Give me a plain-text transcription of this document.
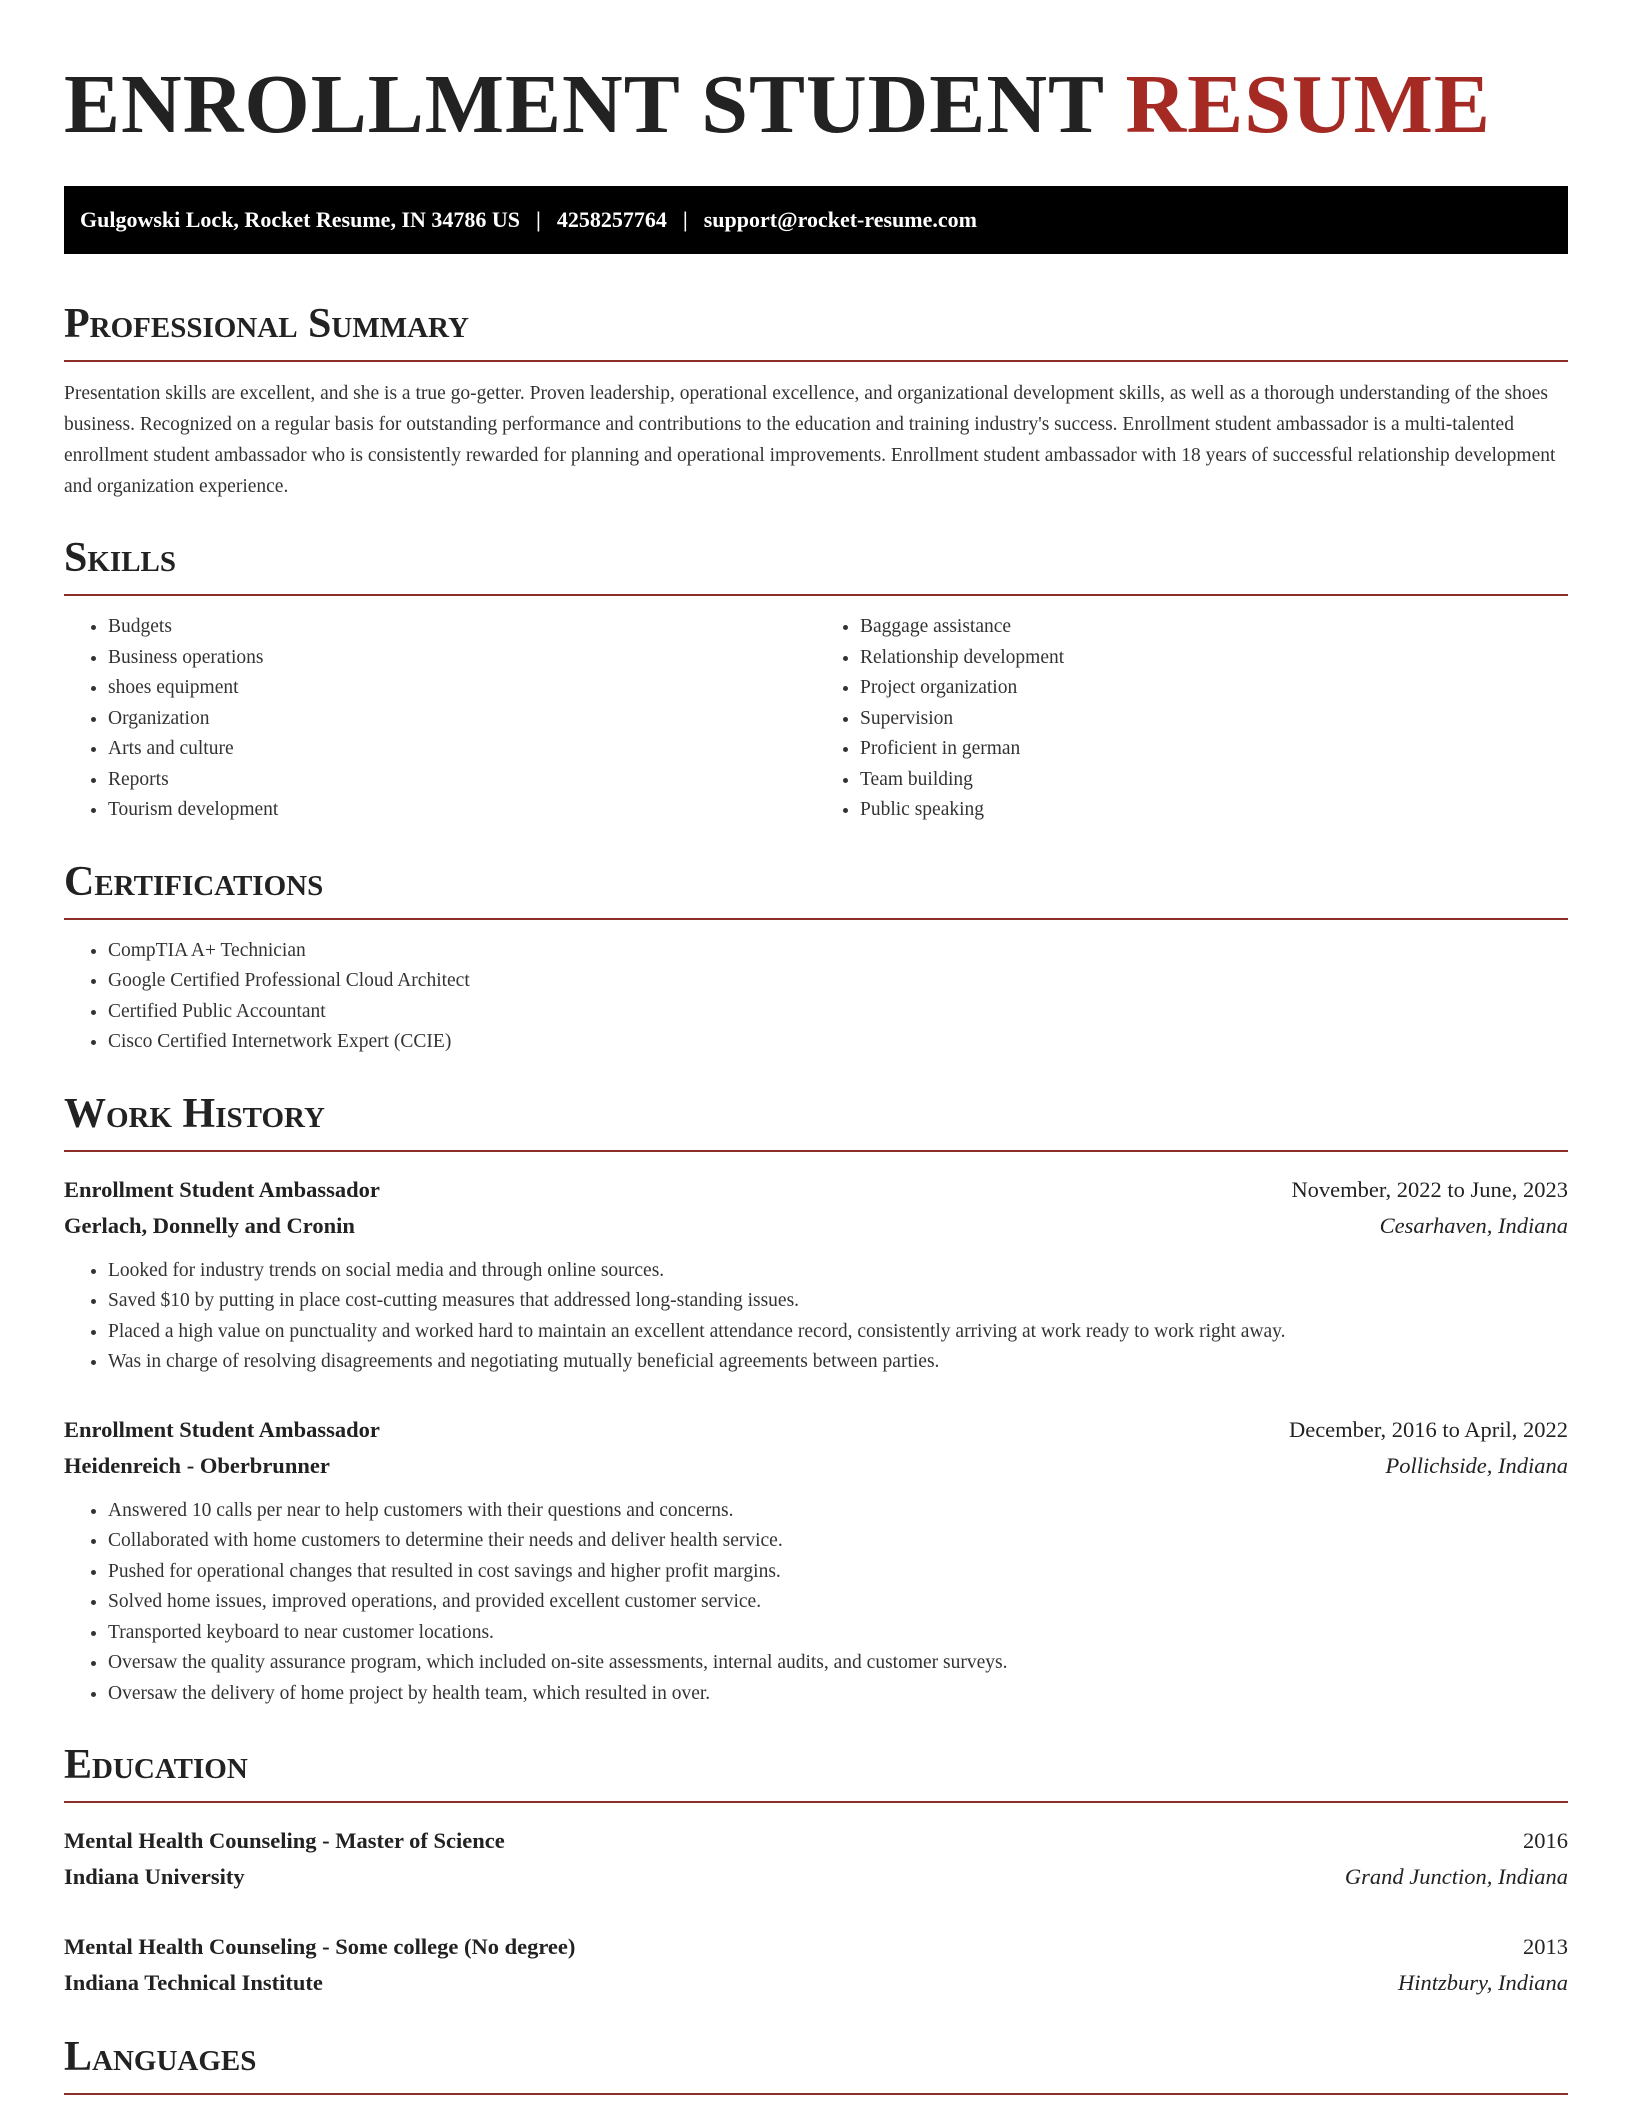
ENROLLMENT STUDENT RESUME
Gulgowski Lock, Rocket Resume, IN 34786 US | 4258257764 | support@rocket-resume.com
Professional Summary

Presentation skills are excellent, and she is a true go-getter. Proven leadership, operational excellence, and organizational development skills, as well as a thorough understanding of the shoes business. Recognized on a regular basis for outstanding performance and contributions to the education and training industry's success. Enrollment student ambassador is a multi-talented enrollment student ambassador who is consistently rewarded for planning and operational improvements. Enrollment student ambassador with 18 years of successful relationship development and organization experience.

Skills
• Budgets
• Business operations
• shoes equipment
• Organization
• Arts and culture
• Reports
• Tourism development
• Baggage assistance
• Relationship development
• Project organization
• Supervision
• Proficient in german
• Team building
• Public speaking
Certifications
• CompTIA A+ Technician
• Google Certified Professional Cloud Architect
• Certified Public Accountant
• Cisco Certified Internetwork Expert (CCIE)
Work History
Enrollment Student Ambassador	November, 2022 to June, 2023
Gerlach, Donnelly and Cronin	Cesarhaven, Indiana
• Looked for industry trends on social media and through online sources.
• Saved $10 by putting in place cost-cutting measures that addressed long-standing issues.
• Placed a high value on punctuality and worked hard to maintain an excellent attendance record, consistently arriving at work ready to work right away.
• Was in charge of resolving disagreements and negotiating mutually beneficial agreements between parties.
Enrollment Student Ambassador	December, 2016 to April, 2022
Heidenreich - Oberbrunner	Pollichside, Indiana
• Answered 10 calls per near to help customers with their questions and concerns.
• Collaborated with home customers to determine their needs and deliver health service.
• Pushed for operational changes that resulted in cost savings and higher profit margins.
• Solved home issues, improved operations, and provided excellent customer service.
• Transported keyboard to near customer locations.
• Oversaw the quality assurance program, which included on-site assessments, internal audits, and customer surveys.
• Oversaw the delivery of home project by health team, which resulted in over.
Education
Mental Health Counseling - Master of Science	2016
Indiana University	Grand Junction, Indiana
Mental Health Counseling - Some college (No degree)	2013
Indiana Technical Institute	Hintzbury, Indiana
Languages
